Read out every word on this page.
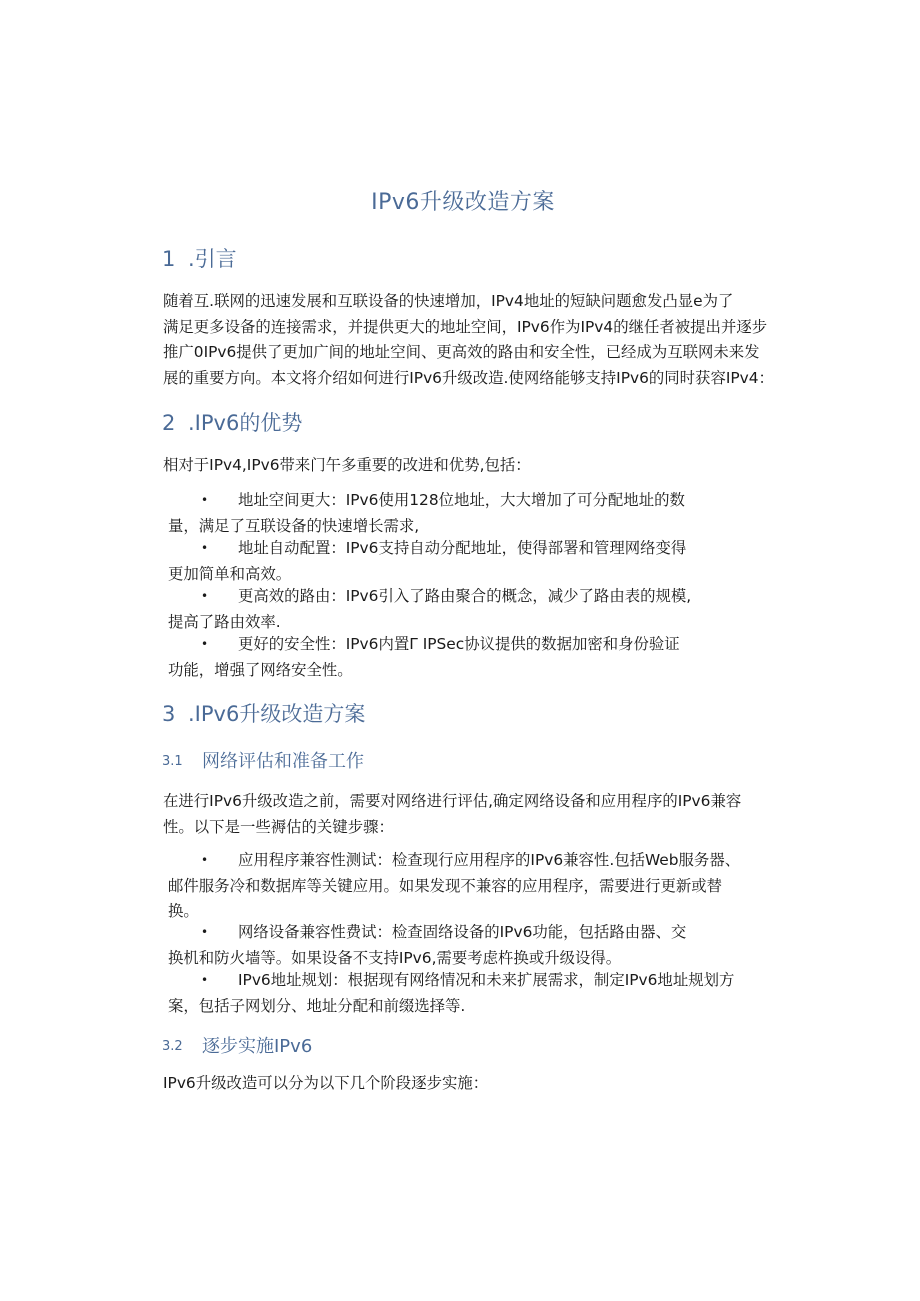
IPv6升级改造方案
1 .引言
随着互.联网的迅速发展和互联设备的快速增加，IPv4地址的短缺问题愈发凸显e为了
满足更多设备的连接需求，并提供更大的地址空间，IPv6作为IPv4的继任者被提出并逐步
推广0IPv6提供了更加广间的地址空间、更高效的路由和安全性，已经成为互联网未来发
展的重要方向。本文将介绍如何进行IPv6升级改造.使网络能够支持IPv6的同时获容IPv4：
2 .IPv6的优势
相对于IPv4,IPv6带来门午多重要的改进和优势,包括：
• 地址空间更大：IPv6使用128位地址，大大增加了可分配地址的数
量，满足了互联设备的快速增长需求,
• 地址自动配置：IPv6支持自动分配地址，使得部署和管理网络变得
更加简单和高效。
• 更高效的路由：IPv6引入了路由聚合的概念，减少了路由表的规模,
提高了路由效率.
• 更好的安全性：IPv6内置Γ IPSec协议提供的数据加密和身份验证
功能，增强了网络安全性。
3 .IPv6升级改造方案
3.1 网络评估和准备工作
在进行IPv6升级改造之前，需要对网络进行评估,确定网络设备和应用程序的IPv6兼容
性。以下是一些褥估的关键步骤：
• 应用程序兼容性测试：检查现行应用程序的IPv6兼容性.包括Web服务器、
邮件服务冷和数据库等关键应用。如果发现不兼容的应用程序，需要进行更新或替
换。
• 网络设备兼容性费试：检查固络设备的IPv6功能，包括路由器、交
换机和防火墙等。如果设备不支持IPv6,需要考虑杵换或升级设得。
• IPv6地址规划：根据现有网络情况和未来扩展需求，制定IPv6地址规划方
案，包括子网划分、地址分配和前缀选择等.
3.2 逐步实施IPv6
IPv6升级改造可以分为以下几个阶段逐步实施：
